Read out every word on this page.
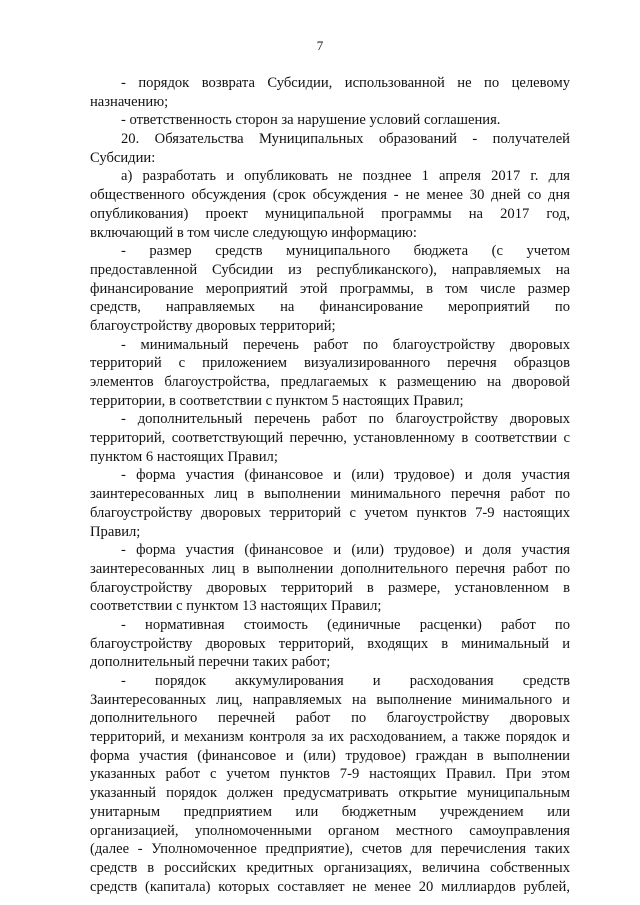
7
- порядок возврата Субсидии, использованной не по целевому
назначению;
- ответственность сторон за нарушение условий соглашения.
20. Обязательства Муниципальных образований - получателей
Субсидии:
а) разработать и опубликовать не позднее 1 апреля 2017 г. для
общественного обсуждения (срок обсуждения - не менее 30 дней со дня
опубликования) проект муниципальной программы на 2017 год,
включающий в том числе следующую информацию:
- размер средств муниципального бюджета (с учетом
предоставленной Субсидии из республиканского), направляемых на
финансирование мероприятий этой программы, в том числе размер
средств, направляемых на финансирование мероприятий по
благоустройству дворовых территорий;
- минимальный перечень работ по благоустройству дворовых
территорий с приложением визуализированного перечня образцов
элементов благоустройства, предлагаемых к размещению на дворовой
территории, в соответствии с пунктом 5 настоящих Правил;
- дополнительный перечень работ по благоустройству дворовых
территорий, соответствующий перечню, установленному в соответствии с
пунктом 6 настоящих Правил;
- форма участия (финансовое и (или) трудовое) и доля участия
заинтересованных лиц в выполнении минимального перечня работ по
благоустройству дворовых территорий с учетом пунктов 7-9 настоящих
Правил;
- форма участия (финансовое и (или) трудовое) и доля участия
заинтересованных лиц в выполнении дополнительного перечня работ по
благоустройству дворовых территорий в размере, установленном в
соответствии с пунктом 13 настоящих Правил;
- нормативная стоимость (единичные расценки) работ по
благоустройству дворовых территорий, входящих в минимальный и
дополнительный перечни таких работ;
- порядок аккумулирования и расходования средств
Заинтересованных лиц, направляемых на выполнение минимального и
дополнительного перечней работ по благоустройству дворовых
территорий, и механизм контроля за их расходованием, а также порядок и
форма участия (финансовое и (или) трудовое) граждан в выполнении
указанных работ с учетом пунктов 7-9 настоящих Правил. При этом
указанный порядок должен предусматривать открытие муниципальным
унитарным предприятием или бюджетным учреждением или
организацией, уполномоченными органом местного самоуправления
(далее - Уполномоченное предприятие), счетов для перечисления таких
средств в российских кредитных организациях, величина собственных
средств (капитала) которых составляет не менее 20 миллиардов рублей,
